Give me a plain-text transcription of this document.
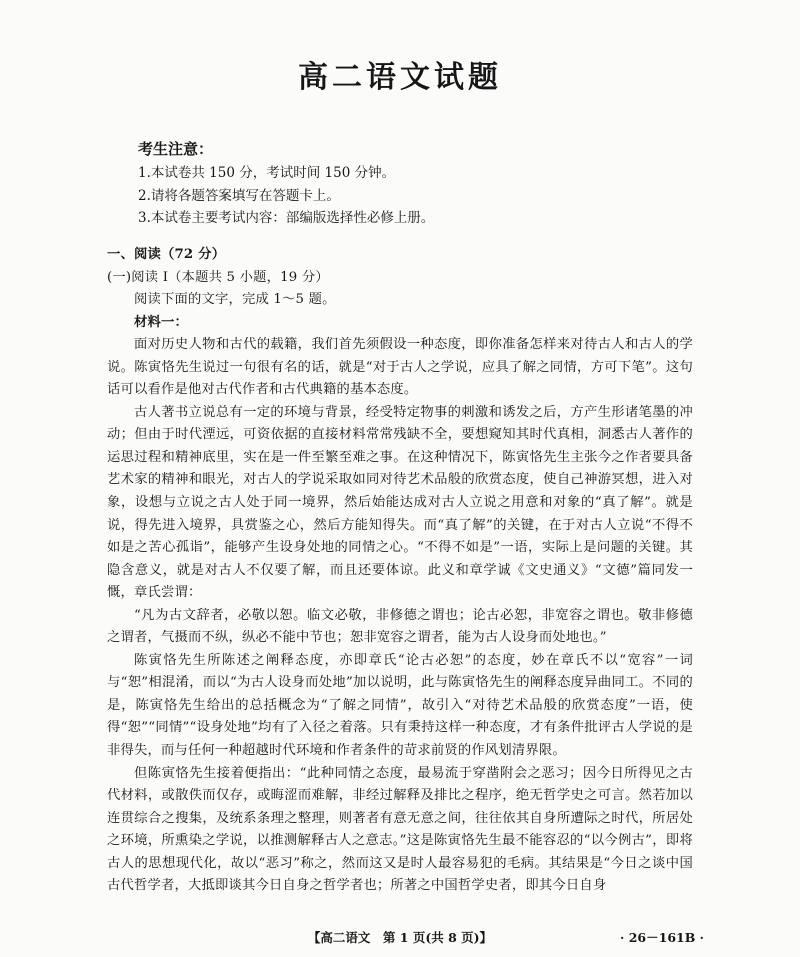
高二语文试题
考生注意：
1.本试卷共 150 分，考试时间 150 分钟。
2.请将各题答案填写在答题卡上。
3.本试卷主要考试内容：部编版选择性必修上册。
一、阅读（72 分）
(一)阅读 Ⅰ（本题共 5 小题，19 分）
阅读下面的文字，完成 1～5 题。
材料一：

面对历史人物和古代的载籍，我们首先须假设一种态度，即你准备怎样来对待古人和古人的学说。陈寅恪先生说过一句很有名的话，就是“对于古人之学说，应具了解之同情，方可下笔”。这句话可以看作是他对古代作者和古代典籍的基本态度。

古人著书立说总有一定的环境与背景，经受特定物事的刺激和诱发之后，方产生形诸笔墨的冲动；但由于时代湮远，可资依据的直接材料常常残缺不全，要想窥知其时代真相，洞悉古人著作的运思过程和精神底里，实在是一件至繁至难之事。在这种情况下，陈寅恪先生主张今之作者要具备艺术家的精神和眼光，对古人的学说采取如同对待艺术品般的欣赏态度，使自己神游冥想，进入对象，设想与立说之古人处于同一境界，然后始能达成对古人立说之用意和对象的“真了解”。就是说，得先进入境界，具赏鉴之心，然后方能知得失。而“真了解”的关键，在于对古人立说“不得不如是之苦心孤诣”，能够产生设身处地的同情之心。“不得不如是”一语，实际上是问题的关键。其隐含意义，就是对古人不仅要了解，而且还要体谅。此义和章学诚《文史通义》“文德”篇同发一慨，章氏尝谓：

“凡为古文辞者，必敬以恕。临文必敬，非修德之谓也；论古必恕，非宽容之谓也。敬非修德之谓者，气摄而不纵，纵必不能中节也；恕非宽容之谓者，能为古人设身而处地也。”

陈寅恪先生所陈述之阐释态度，亦即章氏“论古必恕”的态度，妙在章氏不以“宽容”一词与“恕”相混淆，而以“为古人设身而处地”加以说明，此与陈寅恪先生的阐释态度异曲同工。不同的是，陈寅恪先生给出的总括概念为“了解之同情”，故引入“对待艺术品般的欣赏态度”一语，使得“恕”“同情”“设身处地”均有了入径之着落。只有秉持这样一种态度，才有条件批评古人学说的是非得失，而与任何一种超越时代环境和作者条件的苛求前贤的作风划清界限。

但陈寅恪先生接着便指出：“此种同情之态度，最易流于穿凿附会之恶习；因今日所得见之古代材料，或散佚而仅存，或晦涩而难解，非经过解释及排比之程序，绝无哲学史之可言。然若加以连贯综合之搜集，及统系条理之整理，则著者有意无意之间，往往依其自身所遭际之时代，所居处之环境，所熏染之学说，以推测解释古人之意志。”这是陈寅恪先生最不能容忍的“以今例古”，即将古人的思想现代化，故以“恶习”称之，然而这又是时人最容易犯的毛病。其结果是“今日之谈中国古代哲学者，大抵即谈其今日自身之哲学者也；所著之中国哲学史者，即其今日自身

【高二语文　第 1 页(共 8 页)】	· 26－161B ·
